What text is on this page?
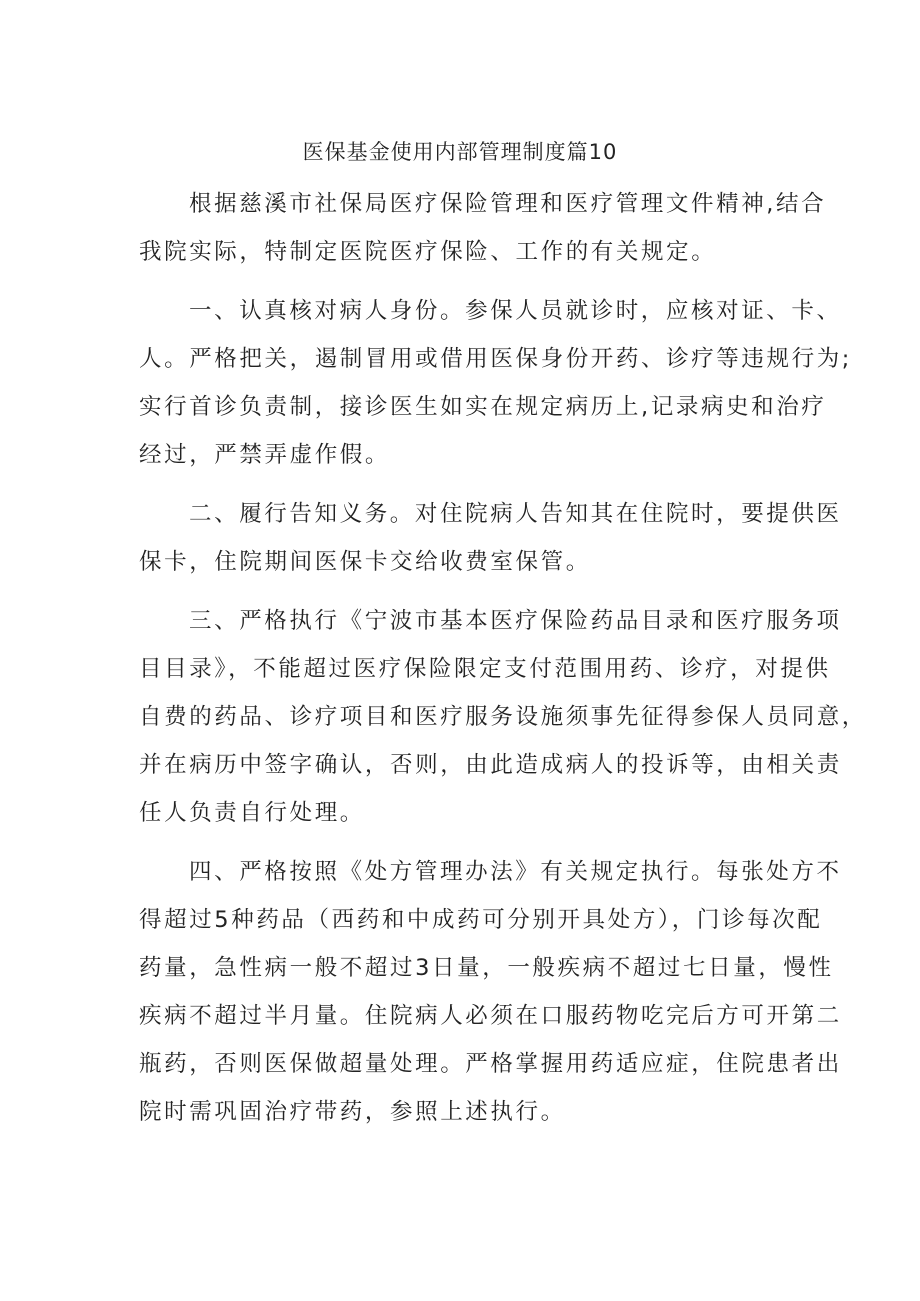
医保基金使用内部管理制度篇10
根据慈溪市社保局医疗保险管理和医疗管理文件精神,结合
我院实际，特制定医院医疗保险、工作的有关规定。
一、认真核对病人身份。参保人员就诊时，应核对证、卡、
人。严格把关，遏制冒用或借用医保身份开药、诊疗等违规行为;
实行首诊负责制，接诊医生如实在规定病历上,记录病史和治疗
经过，严禁弄虚作假。
二、履行告知义务。对住院病人告知其在住院时，要提供医
保卡，住院期间医保卡交给收费室保管。
三、严格执行《宁波市基本医疗保险药品目录和医疗服务项
目目录》，不能超过医疗保险限定支付范围用药、诊疗，对提供
自费的药品、诊疗项目和医疗服务设施须事先征得参保人员同意，
并在病历中签字确认，否则，由此造成病人的投诉等，由相关责
任人负责自行处理。
四、严格按照《处方管理办法》有关规定执行。每张处方不
得超过5种药品（西药和中成药可分别开具处方），门诊每次配
药量，急性病一般不超过3日量，一般疾病不超过七日量，慢性
疾病不超过半月量。住院病人必须在口服药物吃完后方可开第二
瓶药，否则医保做超量处理。严格掌握用药适应症，住院患者出
院时需巩固治疗带药，参照上述执行。
